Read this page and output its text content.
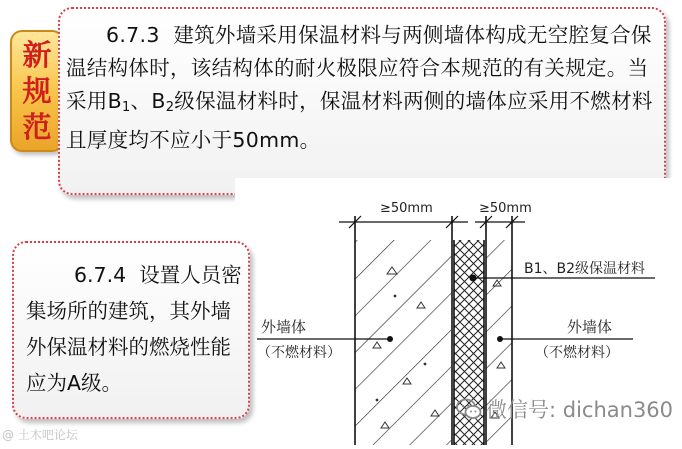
新
规
范

6.7.3 建筑外墙采用保温材料与两侧墙体构成无空腔复合保温结构体时，该结构体的耐火极限应符合本规范的有关规定。当采用$B_1$、$B_2$级保温材料时，保温材料两侧的墙体应采用不燃材料且厚度均不应小于50mm。

≥50mm	≥50mm
B1、B2级保温材料
外墙体
（不燃材料）
外墙体
（不燃材料）

6.7.4 设置人员密集场所的建筑，其外墙外保温材料的燃烧性能应为A级。

微信号: dichan360
@ 土木吧论坛
